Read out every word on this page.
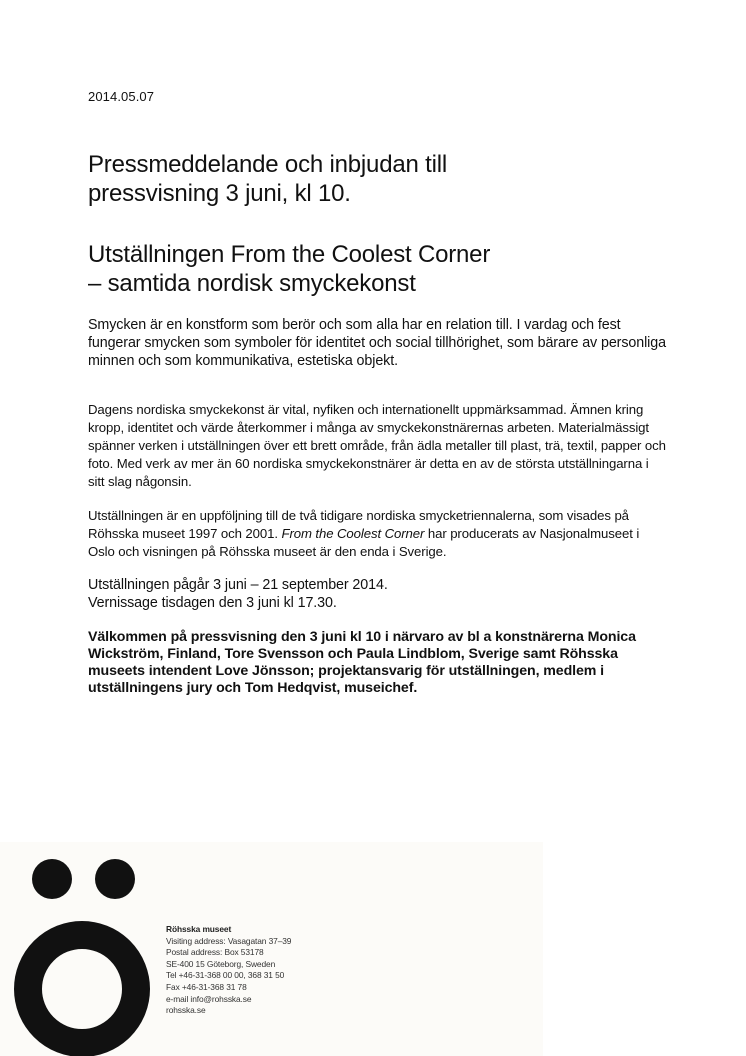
2014.05.07
Pressmeddelande och inbjudan till
pressvisning 3 juni, kl 10.
Utställningen From the Coolest Corner
– samtida nordisk smyckekonst

Smycken är en konstform som berör och som alla har en relation till. I vardag och fest fungerar smycken som symboler för identitet och social tillhörighet, som bärare av personliga minnen och som kommunikativa, estetiska objekt.

Dagens nordiska smyckekonst är vital, nyfiken och internationellt uppmärksammad. Ämnen kring kropp, identitet och värde återkommer i många av smyckekonstnärernas arbeten. Materialmässigt spänner verken i utställningen över ett brett område, från ädla metaller till plast, trä, textil, papper och foto. Med verk av mer än 60 nordiska smyckekonstnärer är detta en av de största utställningarna i sitt slag någonsin.

Utställningen är en uppföljning till de två tidigare nordiska smycketriennalerna, som visades på Röhsska museet 1997 och 2001. From the Coolest Corner har producerats av Nasjonalmuseet i Oslo och visningen på Röhsska museet är den enda i Sverige.

Utställningen pågår 3 juni – 21 september 2014.
Vernissage tisdagen den 3 juni kl 17.30.

Välkommen på pressvisning den 3 juni kl 10 i närvaro av bl a konstnärerna Monica Wickström, Finland, Tore Svensson och Paula Lindblom, Sverige samt Röhsska museets intendent Love Jönsson; projektansvarig för utställningen, medlem i utställningens jury och Tom Hedqvist, museichef.

Röhsska museet
Visiting address: Vasagatan 37–39
Postal address: Box 53178
SE-400 15 Göteborg, Sweden
Tel +46-31-368 00 00, 368 31 50
Fax +46-31-368 31 78
e-mail info@rohsska.se
rohsska.se
